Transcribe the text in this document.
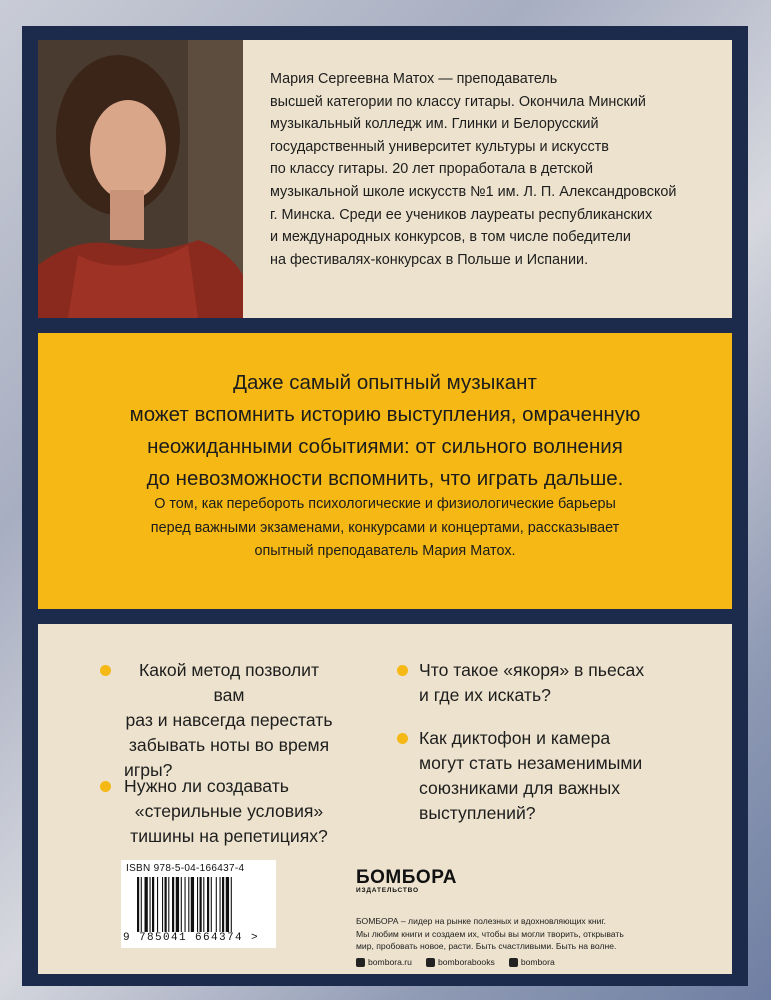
Мария Сергеевна Матох — преподаватель
высшей категории по классу гитары. Окончила Минский
музыкальный колледж им. Глинки и Белорусский
государственный университет культуры и искусств
по классу гитары. 20 лет проработала в детской
музыкальной школе искусств №1 им. Л. П. Александровской
г. Минска. Среди ее учеников лауреаты республиканских
и международных конкурсов, в том числе победители
на фестивалях-конкурсах в Польше и Испании.
Даже самый опытный музыкант
может вспомнить историю выступления, омраченную
неожиданными событиями: от сильного волнения
до невозможности вспомнить, что играть дальше.
О том, как перебороть психологические и физиологические барьеры
перед важными экзаменами, конкурсами и концертами, рассказывает
опытный преподаватель Мария Матох.
Какой метод позволит вам
раз и навсегда перестать
забывать ноты во время
игры?
Нужно ли создавать
«стерильные условия»
тишины на репетициях?
Что такое «якоря» в пьесах
и где их искать?
Как диктофон и камера
могут стать незаменимыми
союзниками для важных
выступлений?
ISBN 978-5-04-166437-4
9 785041 664374 >
БОМБОРА
ИЗДАТЕЛЬСТВО
БОМБОРА – лидер на рынке полезных и вдохновляющих книг.
Мы любим книги и создаем их, чтобы вы могли творить, открывать
мир, пробовать новое, расти. Быть счастливыми. Быть на волне.
bombora.ru	bomborabooks	bombora
